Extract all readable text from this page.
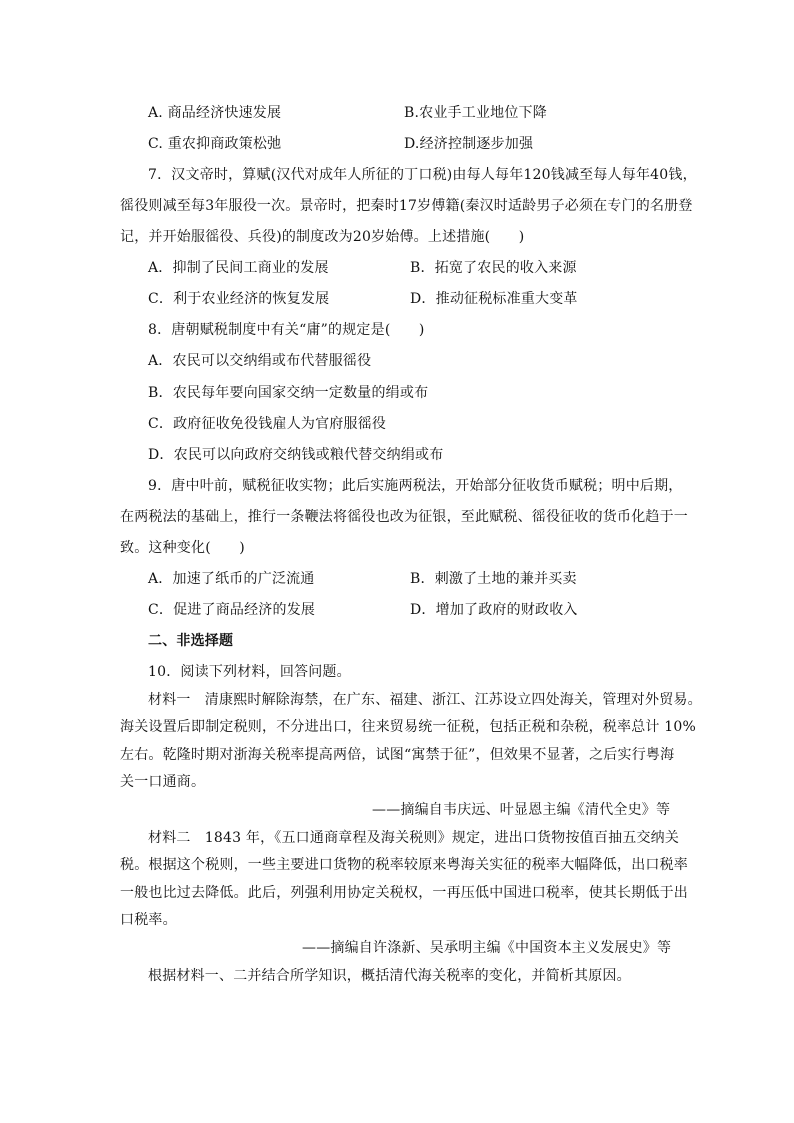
A. 商品经济快速发展	B.农业手工业地位下降
C. 重农抑商政策松弛	D.经济控制逐步加强
7．汉文帝时，算赋(汉代对成年人所征的丁口税)由每人每年120钱减至每人每年40钱，
徭役则减至每3年服役一次。景帝时，把秦时17岁傅籍(秦汉时适龄男子必须在专门的名册登
记，并开始服徭役、兵役)的制度改为20岁始傅。上述措施(　　)
A．抑制了民间工商业的发展	B．拓宽了农民的收入来源
C．利于农业经济的恢复发展	D．推动征税标准重大变革
8．唐朝赋税制度中有关“庸”的规定是(　　)
A．农民可以交纳绢或布代替服徭役
B．农民每年要向国家交纳一定数量的绢或布
C．政府征收免役钱雇人为官府服徭役
D．农民可以向政府交纳钱或粮代替交纳绢或布
9．唐中叶前，赋税征收实物；此后实施两税法，开始部分征收货币赋税；明中后期，
在两税法的基础上，推行一条鞭法将徭役也改为征银，至此赋税、徭役征收的货币化趋于一
致。这种变化(　　)
A．加速了纸币的广泛流通	B．刺激了土地的兼并买卖
C．促进了商品经济的发展	D．增加了政府的财政收入
二、非选择题
10．阅读下列材料，回答问题。
材料一　清康熙时解除海禁，在广东、福建、浙江、江苏设立四处海关，管理对外贸易。
海关设置后即制定税则，不分进出口，往来贸易统一征税，包括正税和杂税，税率总计 10%
左右。乾隆时期对浙海关税率提高两倍，试图“寓禁于征”，但效果不显著，之后实行粤海
关一口通商。
——摘编自韦庆远、叶显恩主编《清代全史》等
材料二　1843 年，《五口通商章程及海关税则》规定，进出口货物按值百抽五交纳关
税。根据这个税则，一些主要进口货物的税率较原来粤海关实征的税率大幅降低，出口税率
一般也比过去降低。此后，列强利用协定关税权，一再压低中国进口税率，使其长期低于出
口税率。
——摘编自许涤新、吴承明主编《中国资本主义发展史》等
根据材料一、二并结合所学知识，概括清代海关税率的变化，并简析其原因。
